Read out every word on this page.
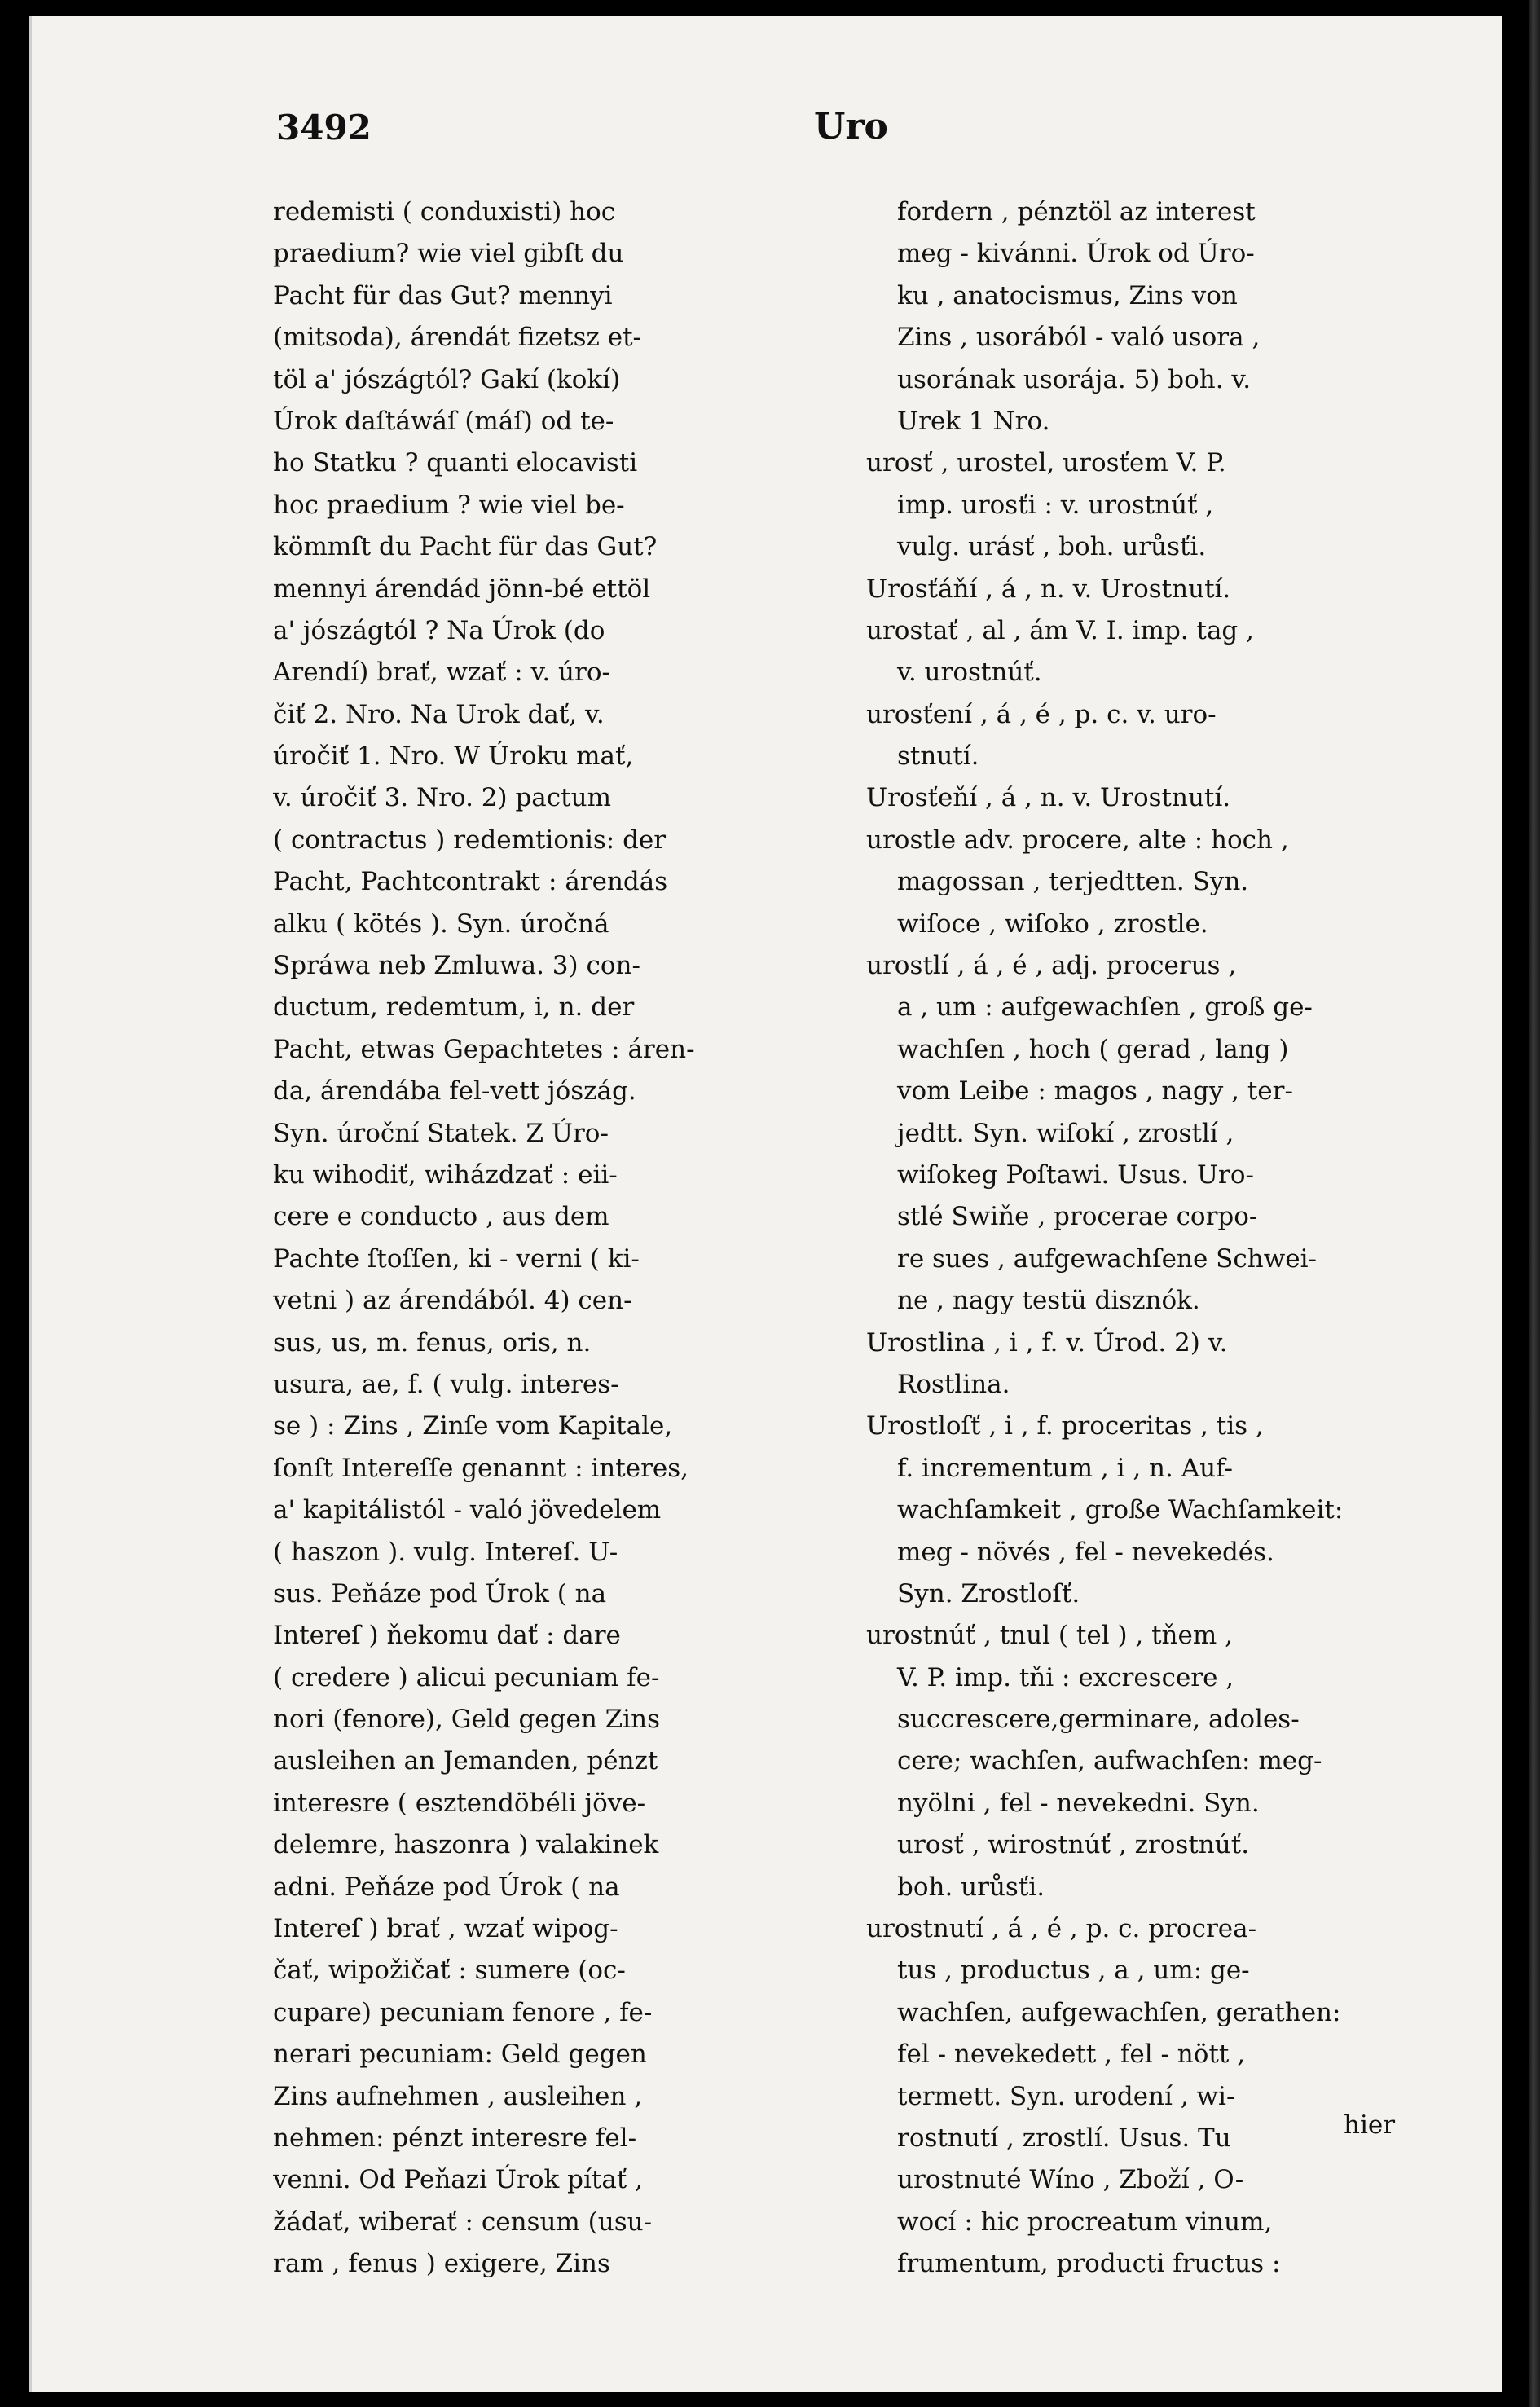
3492	Uro
redemisti ( conduxisti) hoc
praedium? wie viel gibſt du
Pacht für das Gut? mennyi
(mitsoda), árendát fizetsz et-
töl a' jószágtól? Gakí (kokí)
Úrok daſtáwáſ (máſ) od te-
ho Statku ? quanti elocavisti
hoc praedium ? wie viel be-
kömmſt du Pacht für das Gut?
mennyi árendád jönn-bé ettöl
a' jószágtól ? Na Úrok (do
Arendí) brať, wzať : v. úro-
čiť 2. Nro. Na Urok dať, v.
úročiť 1. Nro. W Úroku mať,
v. úročiť 3. Nro. 2) pactum
( contractus ) redemtionis: der
Pacht, Pachtcontrakt : árendás
alku ( kötés ). Syn. úročná
Spráwa neb Zmluwa. 3) con-
ductum, redemtum, i, n. der
Pacht, etwas Gepachtetes : áren-
da, árendába fel-vett jószág.
Syn. úroční Statek. Z Úro-
ku wihodiť, wiházdzať : eii-
cere e conducto , aus dem
Pachte ſtoſſen, ki - verni ( ki-
vetni ) az árendából. 4) cen-
sus, us, m. fenus, oris, n.
usura, ae, f. ( vulg. interes-
se ) : Zins , Zinſe vom Kapitale,
ſonſt Intereſſe genannt : interes,
a' kapitálistól - való jövedelem
( haszon ). vulg. Intereſ. U-
sus. Peňáze pod Úrok ( na
Intereſ ) ňekomu dať : dare
( credere ) alicui pecuniam fe-
nori (fenore), Geld gegen Zins
ausleihen an Jemanden, pénzt
interesre ( esztendöbéli jöve-
delemre, haszonra ) valakinek
adni. Peňáze pod Úrok ( na
Intereſ ) brať , wzať wipog-
čať, wipožičať : sumere (oc-
cupare) pecuniam fenore , fe-
nerari pecuniam: Geld gegen
Zins aufnehmen , ausleihen ,
nehmen: pénzt interesre fel-
venni. Od Peňazi Úrok pítať ,
žádať, wiberať : censum (usu-
ram , fenus ) exigere, Zins
fordern , pénztöl az interest
meg - kivánni. Úrok od Úro-
ku , anatocismus, Zins von
Zins , usorából - való usora ,
usorának usorája. 5) boh. v.
Urek 1 Nro.
urosť , urostel, urosťem V. P.
imp. urosťi : v. urostnúť ,
vulg. urásť , boh. urůsťi.
Urosťáňí , á , n. v. Urostnutí.
urostať , al , ám V. I. imp. tag ,
v. urostnúť.
urosťení , á , é , p. c. v. uro-
stnutí.
Urosťeňí , á , n. v. Urostnutí.
urostle adv. procere, alte : hoch ,
magossan , terjedtten. Syn.
wiſoce , wiſoko , zrostle.
urostlí , á , é , adj. procerus ,
a , um : aufgewachſen , groß ge-
wachſen , hoch ( gerad , lang )
vom Leibe : magos , nagy , ter-
jedtt. Syn. wiſokí , zrostlí ,
wiſokeg Poſtawi. Usus. Uro-
stlé Swiňe , procerae corpo-
re sues , aufgewachſene Schwei-
ne , nagy testü disznók.
Urostlina , i , f. v. Úrod. 2) v.
Rostlina.
Urostloſť , i , f. proceritas , tis ,
f. incrementum , i , n. Auf-
wachſamkeit , große Wachſamkeit:
meg - növés , fel - nevekedés.
Syn. Zrostloſť.
urostnúť , tnul ( tel ) , tňem ,
V. P. imp. tňi : excrescere ,
succrescere,germinare, adoles-
cere; wachſen, aufwachſen: meg-
nyölni , fel - nevekedni. Syn.
urosť , wirostnúť , zrostnúť.
boh. urůsťi.
urostnutí , á , é , p. c. procrea-
tus , productus , a , um: ge-
wachſen, aufgewachſen, gerathen:
fel - nevekedett , fel - nött ,
termett. Syn. urodení , wi-
rostnutí , zrostlí. Usus. Tu
urostnuté Wíno , Zboží , O-
wocí : hic procreatum vinum,
frumentum, producti fructus :
hier
